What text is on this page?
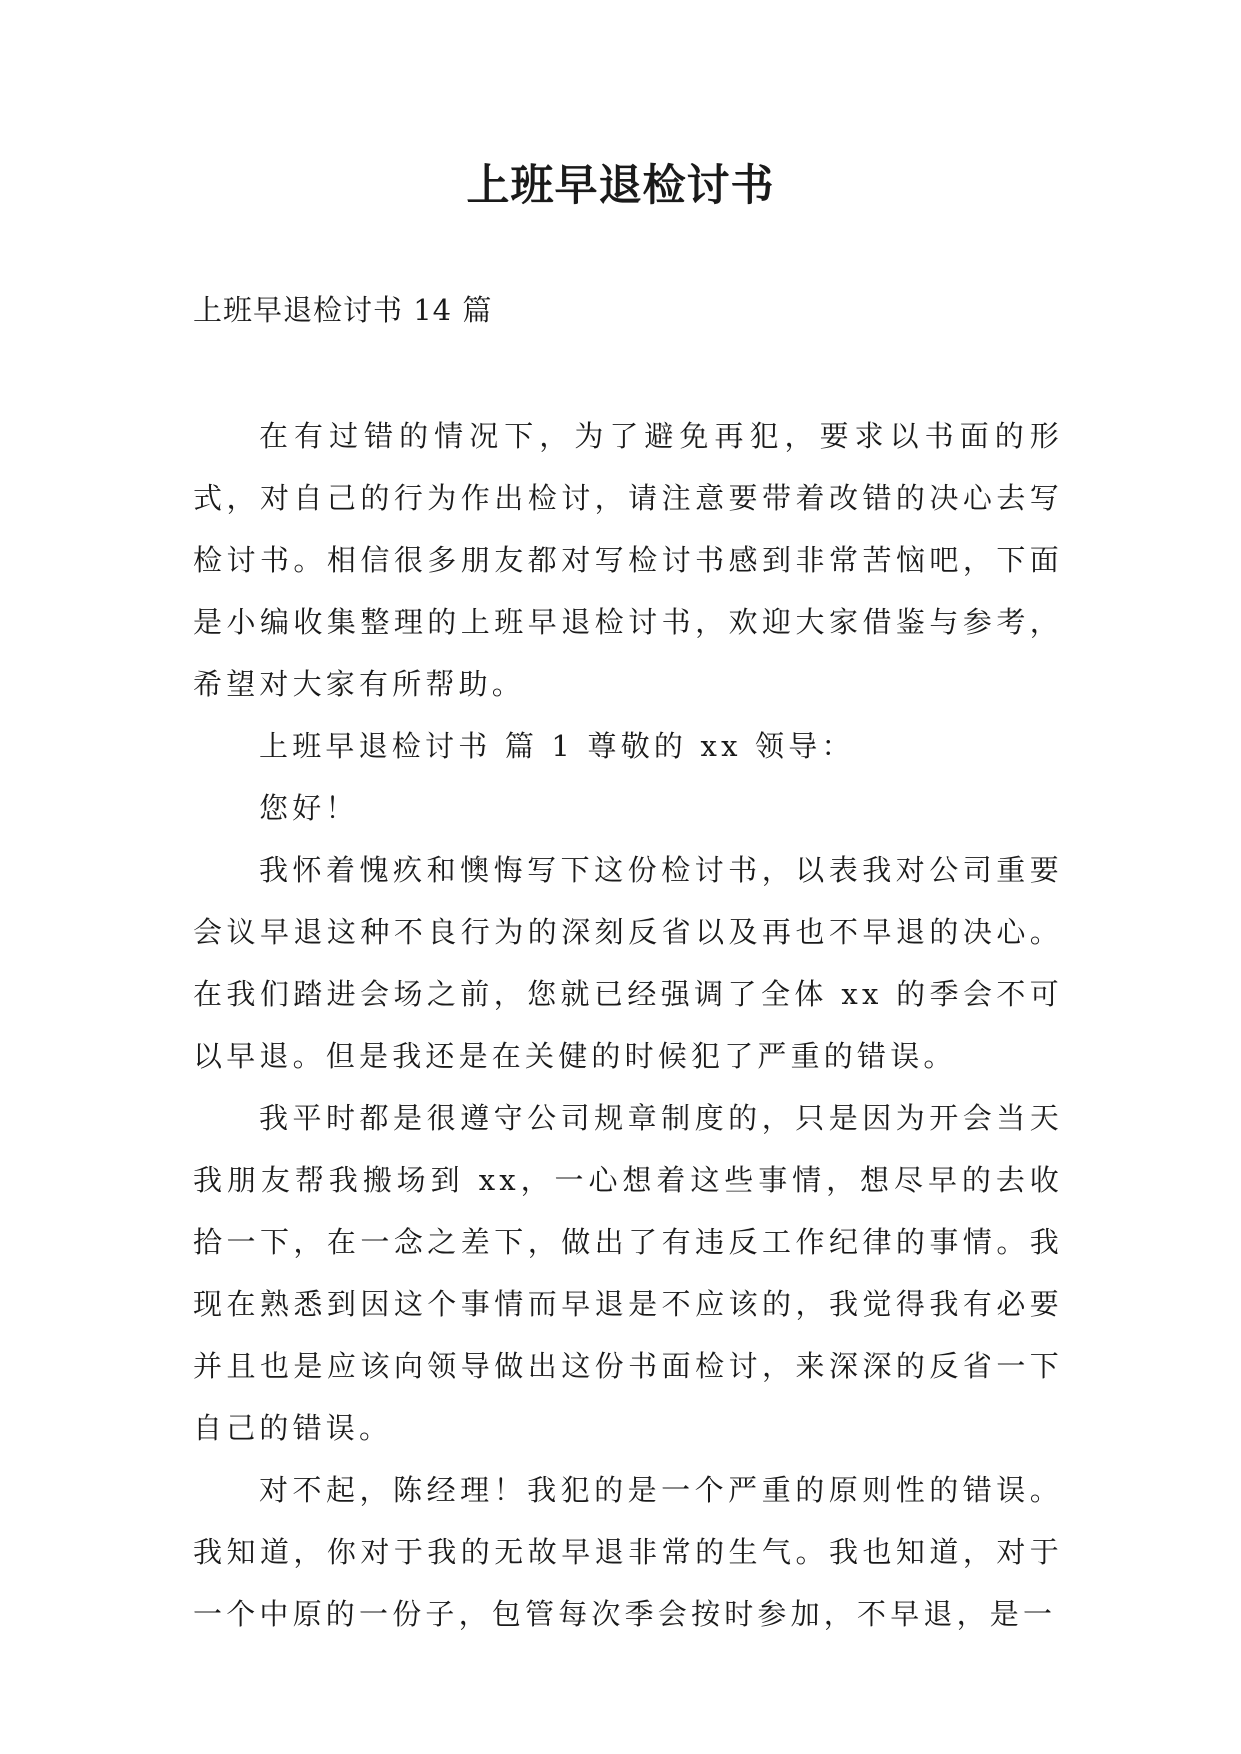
上班早退检讨书

上班早退检讨书 14 篇

在有过错的情况下，为了避免再犯，要求以书面的形式，对自己的行为作出检讨，请注意要带着改错的决心去写检讨书。相信很多朋友都对写检讨书感到非常苦恼吧，下面是小编收集整理的上班早退检讨书，欢迎大家借鉴与参考，希望对大家有所帮助。

上班早退检讨书 篇 1 尊敬的 xx 领导：

您好！

我怀着愧疚和懊悔写下这份检讨书，以表我对公司重要会议早退这种不良行为的深刻反省以及再也不早退的决心。在我们踏进会场之前，您就已经强调了全体 xx 的季会不可以早退。但是我还是在关健的时候犯了严重的错误。

我平时都是很遵守公司规章制度的，只是因为开会当天我朋友帮我搬场到 xx，一心想着这些事情，想尽早的去收拾一下，在一念之差下，做出了有违反工作纪律的事情。我现在熟悉到因这个事情而早退是不应该的，我觉得我有必要并且也是应该向领导做出这份书面检讨，来深深的反省一下自己的错误。

对不起，陈经理！我犯的是一个严重的原则性的错误。我知道，你对于我的无故早退非常的生气。我也知道，对于一个中原的一份子，包管每次季会按时参加，不早退，是一
